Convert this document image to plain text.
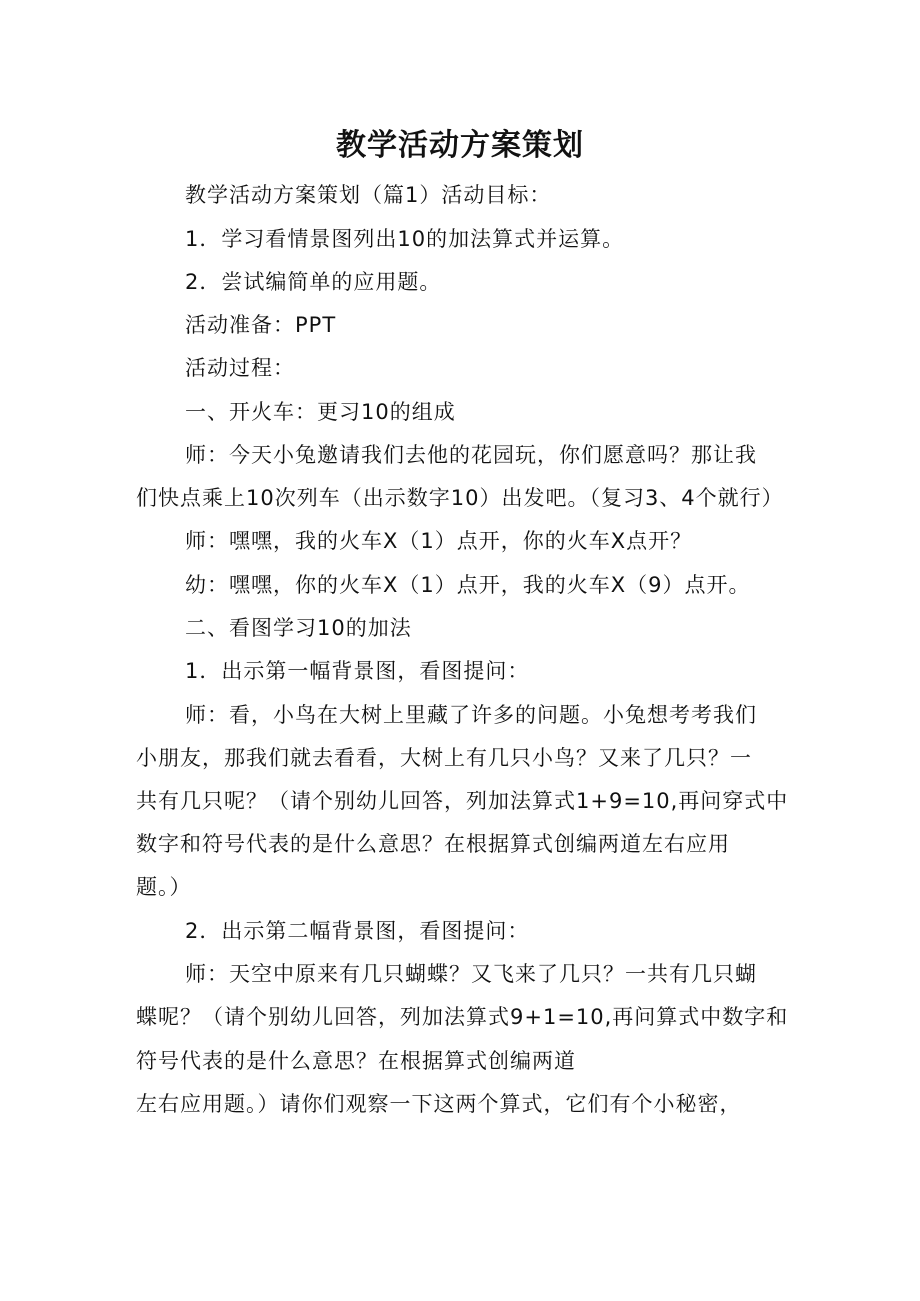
教学活动方案策划
教学活动方案策划（篇1）活动目标：
1．学习看情景图列出10的加法算式并运算。
2．尝试编简单的应用题。
活动准备：PPT
活动过程：
一、开火车：更习10的组成
师：今天小兔邀请我们去他的花园玩，你们愿意吗？那让我
们快点乘上10次列车（出示数字10）出发吧。（复习3、4个就行）
师：嘿嘿，我的火车X（1）点开，你的火车X点开？
幼：嘿嘿，你的火车X（1）点开，我的火车X（9）点开。
二、看图学习10的加法
1．出示第一幅背景图，看图提问：
师：看，小鸟在大树上里藏了许多的问题。小兔想考考我们
小朋友，那我们就去看看，大树上有几只小鸟？又来了几只？一
共有几只呢？（请个别幼儿回答，列加法算式1+9=10,再问穿式中
数字和符号代表的是什么意思？在根据算式创编两道左右应用
题。）
2．出示第二幅背景图，看图提问：
师：天空中原来有几只蝴蝶？又飞来了几只？一共有几只蝴
蝶呢？（请个别幼儿回答，列加法算式9+1=10,再问算式中数字和
符号代表的是什么意思？在根据算式创编两道
左右应用题。）请你们观察一下这两个算式，它们有个小秘密，
